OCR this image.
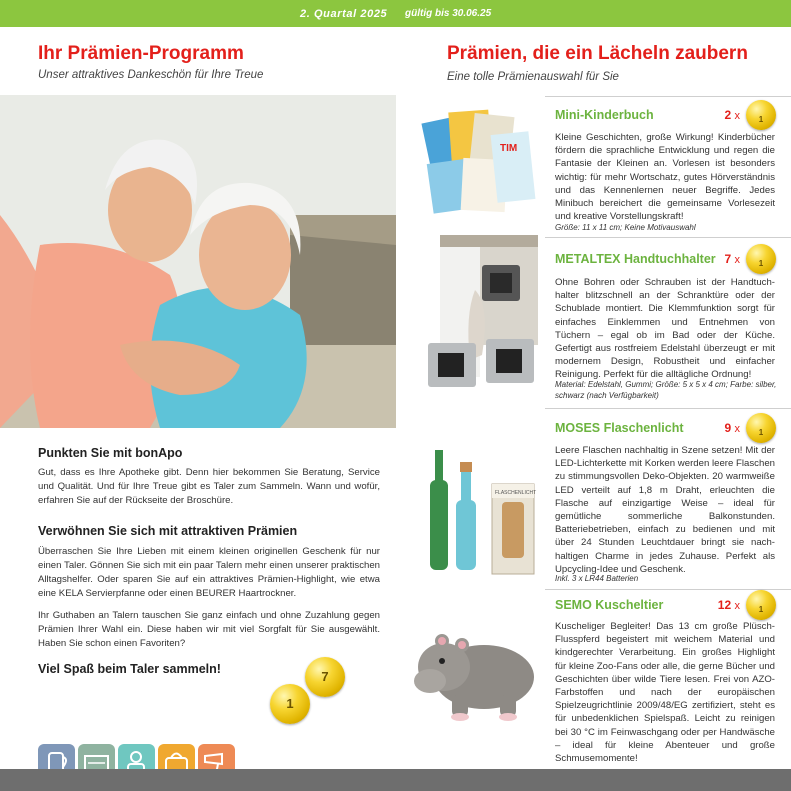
2. Quartal 2025 gültig bis 30.06.25
Ihr Prämien-Programm
Unser attraktives Dankeschön für Ihre Treue
Punkten Sie mit bonApo
Gut, dass es Ihre Apotheke gibt. Denn hier bekommen Sie Beratung, Service und Qualität. Und für Ihre Treue gibt es Taler zum Sammeln. Wann und wofür, erfahren Sie auf der Rückseite der Broschüre.
Verwöhnen Sie sich mit attraktiven Prämien
Überraschen Sie Ihre Lieben mit einem kleinen originellen Geschenk für nur einen Taler. Gönnen Sie sich mit ein paar Talern mehr einen unserer praktischen Alltagshelfer. Oder sparen Sie auf ein attraktives Prämien-Highlight, wie etwa eine KELA Servierpfanne oder einen BEURER Haartrockner.
Ihr Guthaben an Talern tauschen Sie ganz einfach und ohne Zuzahlung gegen Prämien Ihrer Wahl ein. Diese haben wir mit viel Sorgfalt für Sie ausgewählt. Haben Sie schon einen Favoriten?
Viel Spaß beim Taler sammeln!	7
1
Prämien, die ein Lächeln zaubern
Eine tolle Prämienauswahl für Sie
TIM
Mini-Kinderbuch	2 x	1
Kleine Geschichten, große Wirkung! Kinderbücher fördern die sprachliche Entwicklung und regen die Fantasie der Kleinen an. Vorlesen ist besonders wichtig: für mehr Wortschatz, gutes Hörverständnis und das Kennenlernen neuer Begriffe. Jedes Minibuch bereichert die gemeinsame Vorlesezeit und kreative Vorstellungskraft!
Größe: 11 x 11 cm; Keine Motivauswahl
METALTEX Handtuchhalter 7 x	1
Ohne Bohren oder Schrauben ist der Handtuchhalter blitzschnell an der Schranktüre oder der Schublade montiert. Die Klemmfunktion sorgt für einfaches Einklemmen und Entnehmen von Tüchern – egal ob im Bad oder der Küche. Gefertigt aus rostfreiem Edelstahl überzeugt er mit modernem Design, Robustheit und einfacher Reinigung. Perfekt für die alltägliche Ordnung!
Material: Edelstahl, Gummi; Größe: 5 x 5 x 4 cm; Farbe: silber, schwarz (nach Verfügbarkeit)
FLASCHENLICHT
MOSES Flaschenlicht	9 x	1
Leere Flaschen nachhaltig in Szene setzen! Mit der LED-Lichterkette mit Korken werden leere Flaschen zu stimmungsvollen Deko-Objekten. 20 warmweiße LED verteilt auf 1,8 m Draht, erleuchten die Flasche auf einzigartige Weise – ideal für gemütliche sommerliche Balkonstunden. Batteriebetrieben, einfach zu bedienen und mit über 24 Stunden Leuchtdauer bringt sie nachhaltigen Charme in jedes Zuhause. Perfekt als Upcycling-Idee und Geschenk.
Inkl. 3 x LR44 Batterien
SEMO Kuscheltier	12 x	1
Kuscheliger Begleiter! Das 13 cm große Plüsch-Flusspferd begeistert mit weichem Material und kindgerechter Verarbeitung. Ein großes Highlight für kleine Zoo-Fans oder alle, die gerne Bücher und Geschichten über wilde Tiere lesen. Frei von AZO-Farbstoffen und nach der europäischen Spielzeugrichtlinie 2009/48/EG zertifiziert, steht es für unbedenklichen Spielspaß. Leicht zu reinigen bei 30 °C im Feinwaschgang oder per Handwäsche – ideal für kleine Abenteuer und große Schmusemomente!
